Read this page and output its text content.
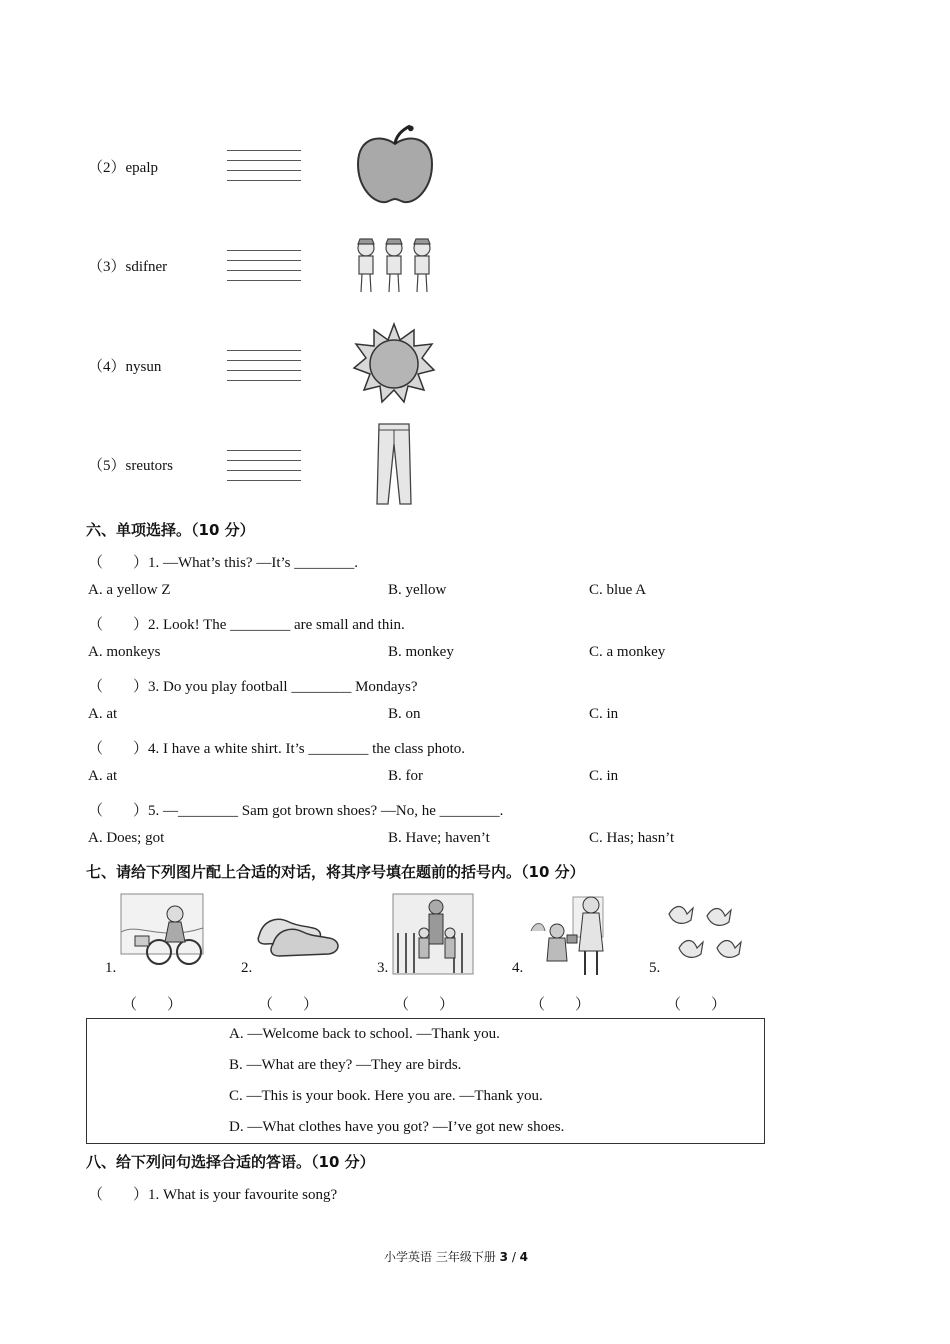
（2）epalp
（3）sdifner
（4）nysun
（5）sreutors
六、单项选择。（10 分）
（　　）1. —What’s this? —It’s ________.
A. a yellow Z	B. yellow	C. blue A
（　　）2. Look! The ________ are small and thin.
A. monkeys	B. monkey	C. a monkey
（　　）3. Do you play football ________ Mondays?
A. at	B. on	C. in
（　　）4. I have a white shirt. It’s ________ the class photo.
A. at	B. for	C. in
（　　）5. —________ Sam got brown shoes? —No, he ________.
A. Does; got	B. Have; haven’t	C. Has; hasn’t
七、请给下列图片配上合适的对话，将其序号填在题前的括号内。（10 分）
1.	2.	3.	4.	5.
（　　）	（　　）	（　　）	（　　）	（　　）
A. —Welcome back to school. —Thank you.
B. —What are they? —They are birds.
C. —This is your book. Here you are. —Thank you.
D. —What clothes have you got? —I’ve got new shoes.
八、给下列问句选择合适的答语。（10 分）
（　　）1. What is your favourite song?
小学英语 三年级下册 3 / 4
